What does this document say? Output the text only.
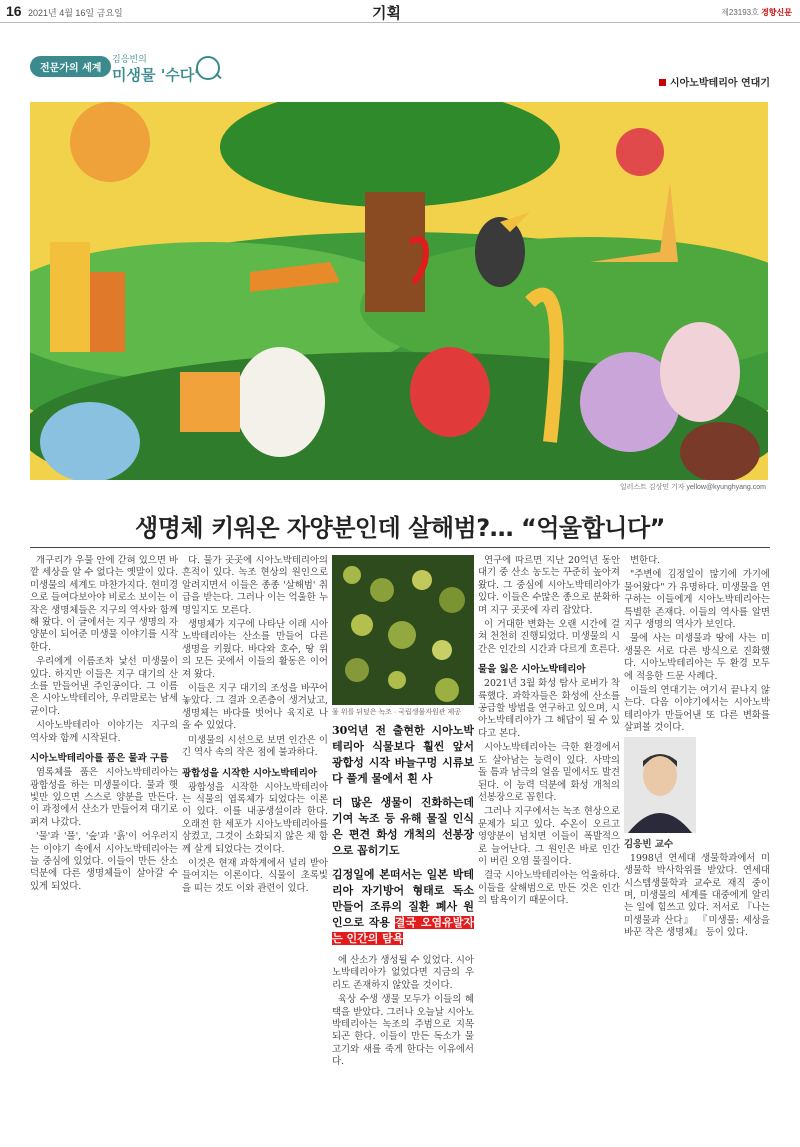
16 2021년 4월 16일 금요일	기획	제23193호 경향신문
전문가의 세계
김응빈의
미생물 '수다'	시아노박테리아 연대기
일러스트 김상민 기자 yellow@kyunghyang.com
생명체 키워온 자양분인데 살해범?… “억울합니다”

개구리가 우물 안에 갇혀 있으면 바깥 세상을 알 수 없다는 옛말이 있다. 미생물의 세계도 마찬가지다. 현미경으로 들여다보아야 비로소 보이는 이 작은 생명체들은 지구의 역사와 함께해 왔다. 이 글에서는 지구 생명의 자양분이 되어준 미생물 이야기를 시작한다.

우리에게 이름조차 낯선 미생물이 있다. 하지만 이들은 지구 대기의 산소를 만들어낸 주인공이다. 그 이름은 시아노박테리아, 우리말로는 남세균이다.

시아노박테리아 이야기는 지구의 역사와 함께 시작된다.

시아노박테리아를 품은 물과 구름

염록체를 품은 시아노박테리아는 광합성을 하는 미생물이다. 물과 햇빛만 있으면 스스로 양분을 만든다. 이 과정에서 산소가 만들어져 대기로 퍼져 나갔다.

'물'과 '풀', '숲'과 '흙'이 어우러지는 이야기 속에서 시아노박테리아는 늘 중심에 있었다. 이들이 만든 산소 덕분에 다른 생명체들이 살아갈 수 있게 되었다.

다. 물가 곳곳에 시아노박테리아의 흔적이 있다. 녹조 현상의 원인으로 알려지면서 이들은 종종 '살해범' 취급을 받는다. 그러나 이는 억울한 누명일지도 모른다.

생명체가 지구에 나타난 이래 시아노박테리아는 산소를 만들어 다른 생명을 키웠다. 바다와 호수, 땅 위의 모든 곳에서 이들의 활동은 이어져 왔다.

이들은 지구 대기의 조성을 바꾸어 놓았다. 그 결과 오존층이 생겨났고, 생명체는 바다를 벗어나 육지로 나올 수 있었다.

미생물의 시선으로 보면 인간은 이 긴 역사 속의 작은 점에 불과하다.

광합성을 시작한 시아노박테리아

광합성을 시작한 시아노박테리아는 식물의 엽록체가 되었다는 이론이 있다. 이를 내공생설이라 한다. 오래전 한 세포가 시아노박테리아를 삼켰고, 그것이 소화되지 않은 채 함께 살게 되었다는 것이다.

이것은 현재 과학계에서 널리 받아들여지는 이론이다. 식물이 초록빛을 띠는 것도 이와 관련이 있다.

물 위를 뒤덮은 녹조 · 국립생물자원관 제공
30억년 전 출현한 시아노박테리아 식물보다 훨씬 앞서 광합성 시작 바늘구멍 시류보다 풀게 물에서 흰 사
더 많은 생물이 진화하는데 기여 녹조 등 유해 물질 인식은 편견 화성 개척의 선봉장으로 꼽히기도
김정일에 본떠서는 일본 박테리아 자기방어 형태로 독소 만들어 조류의 질환 폐사 원인으로 작용 결국 오염유발자는 인간의 탐욕

에 산소가 생성될 수 있었다. 시아노박테리아가 없었다면 지금의 우리도 존재하지 않았을 것이다.

육상 수생 생물 모두가 이들의 혜택을 받았다. 그러나 오늘날 시아노박테리아는 녹조의 주범으로 지목되곤 한다. 이들이 만든 독소가 물고기와 새를 죽게 한다는 이유에서다.

연구에 따르면 지난 20억년 동안 대기 중 산소 농도는 꾸준히 높아져 왔다. 그 중심에 시아노박테리아가 있다. 이들은 수많은 종으로 분화하며 지구 곳곳에 자리 잡았다.

이 거대한 변화는 오랜 시간에 걸쳐 천천히 진행되었다. 미생물의 시간은 인간의 시간과 다르게 흐른다.

물을 잃은 시아노박테리아

2021년 3월 화성 탐사 로버가 착륙했다. 과학자들은 화성에 산소를 공급할 방법을 연구하고 있으며, 시아노박테리아가 그 해답이 될 수 있다고 본다.

시아노박테리아는 극한 환경에서도 살아남는 능력이 있다. 사막의 돌 틈과 남극의 얼음 밑에서도 발견된다. 이 능력 덕분에 화성 개척의 선봉장으로 꼽힌다.

그러나 지구에서는 녹조 현상으로 문제가 되고 있다. 수온이 오르고 영양분이 넘치면 이들이 폭발적으로 늘어난다. 그 원인은 바로 인간이 버린 오염 물질이다.

결국 시아노박테리아는 억울하다. 이들을 살해범으로 만든 것은 인간의 탐욕이기 때문이다.

변한다.

"주변에 김정일이 많기에 가기에 물어왔다" 가 유명하다. 미생물을 연구하는 이들에게 시아노박테리아는 특별한 존재다. 이들의 역사를 알면 지구 생명의 역사가 보인다.

물에 사는 미생물과 땅에 사는 미생물은 서로 다른 방식으로 진화했다. 시아노박테리아는 두 환경 모두에 적응한 드문 사례다.

이들의 연대기는 여기서 끝나지 않는다. 다음 이야기에서는 시아노박테리아가 만들어낸 또 다른 변화를 살펴볼 것이다.

김응빈 교수

1998년 연세대 생물학과에서 미생물학 박사학위를 받았다. 연세대 시스템생물학과 교수로 재직 중이며, 미생물의 세계를 대중에게 알리는 일에 힘쓰고 있다. 저서로 『나는 미생물과 산다』 『미생물: 세상을 바꾼 작은 생명체』 등이 있다.
